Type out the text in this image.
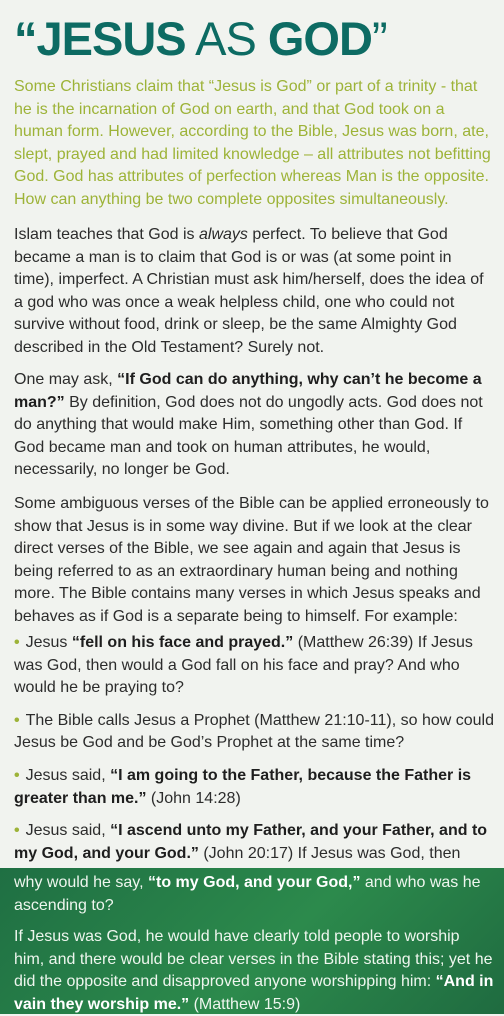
“JESUS AS GOD”

Some Christians claim that “Jesus is God” or part of a trinity - that he is the incarnation of God on earth, and that God took on a human form. However, according to the Bible, Jesus was born, ate, slept, prayed and had limited knowledge – all attributes not befitting God. God has attributes of perfection whereas Man is the opposite. How can anything be two complete opposites simultaneously.

Islam teaches that God is always perfect. To believe that God became a man is to claim that God is or was (at some point in time), imperfect. A Christian must ask him/herself, does the idea of a god who was once a weak helpless child, one who could not survive without food, drink or sleep, be the same Almighty God described in the Old Testament? Surely not.

One may ask, “If God can do anything, why can’t he become a man?” By definition, God does not do ungodly acts. God does not do anything that would make Him, something other than God. If God became man and took on human attributes, he would, necessarily, no longer be God.

Some ambiguous verses of the Bible can be applied erroneously to show that Jesus is in some way divine. But if we look at the clear direct verses of the Bible, we see again and again that Jesus is being referred to as an extraordinary human being and nothing more. The Bible contains many verses in which Jesus speaks and behaves as if God is a separate being to himself. For example:

• Jesus “fell on his face and prayed.” (Matthew 26:39) If Jesus was God, then would a God fall on his face and pray? And who would he be praying to?

• The Bible calls Jesus a Prophet (Matthew 21:10-11), so how could Jesus be God and be God’s Prophet at the same time?

• Jesus said, “I am going to the Father, because the Father is greater than me.” (John 14:28)

• Jesus said, “I ascend unto my Father, and your Father, and to my God, and your God.” (John 20:17) If Jesus was God, then

why would he say, “to my God, and your God,” and who was he ascending to?

If Jesus was God, he would have clearly told people to worship him, and there would be clear verses in the Bible stating this; yet he did the opposite and disapproved anyone worshipping him: “And in vain they worship me.” (Matthew 15:9)
